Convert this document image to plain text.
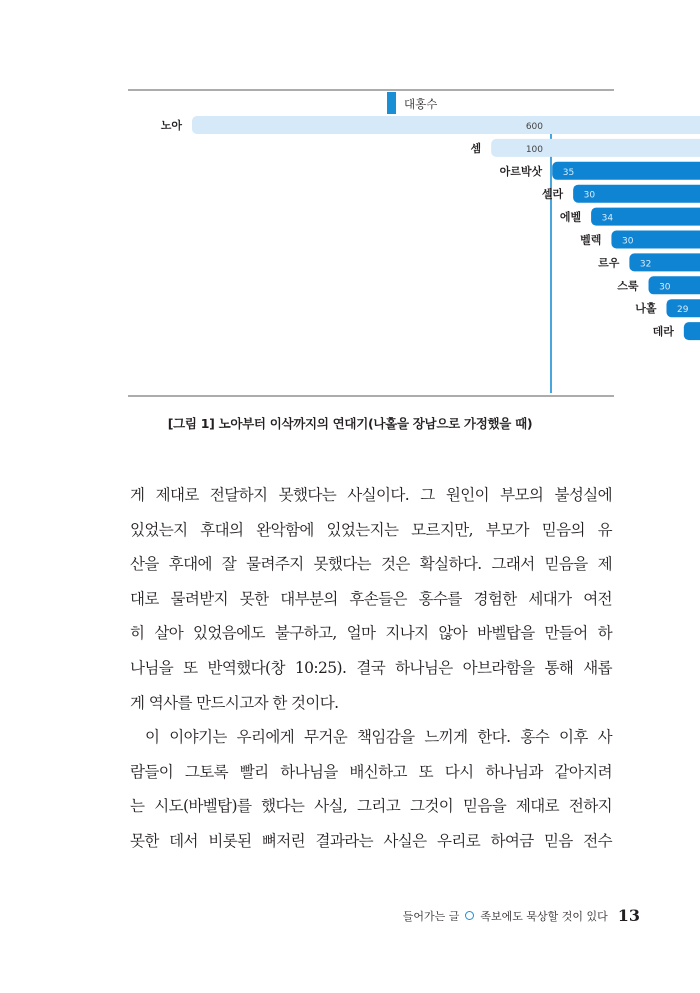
대홍수
노아	600
셈	100
아르박삿 35
셀라 30
에벨 34
벨렉 30
르우 32
스룩 30
나홀 29
데라
[그림 1] 노아부터 이삭까지의 연대기(나홀을 장남으로 가정했을 때)
게 제대로 전달하지 못했다는 사실이다. 그 원인이 부모의 불성실에
있었는지 후대의 완악함에 있었는지는 모르지만, 부모가 믿음의 유
산을 후대에 잘 물려주지 못했다는 것은 확실하다. 그래서 믿음을 제
대로 물려받지 못한 대부분의 후손들은 홍수를 경험한 세대가 여전
히 살아 있었음에도 불구하고, 얼마 지나지 않아 바벨탑을 만들어 하
나님을 또 반역했다(창 10:25). 결국 하나님은 아브라함을 통해 새롭
게 역사를 만드시고자 한 것이다.
이 이야기는 우리에게 무거운 책임감을 느끼게 한다. 홍수 이후 사
람들이 그토록 빨리 하나님을 배신하고 또 다시 하나님과 같아지려
는 시도(바벨탑)를 했다는 사실, 그리고 그것이 믿음을 제대로 전하지
못한 데서 비롯된 뼈저린 결과라는 사실은 우리로 하여금 믿음 전수
들어가는 글 족보에도 묵상할 것이 있다 13
